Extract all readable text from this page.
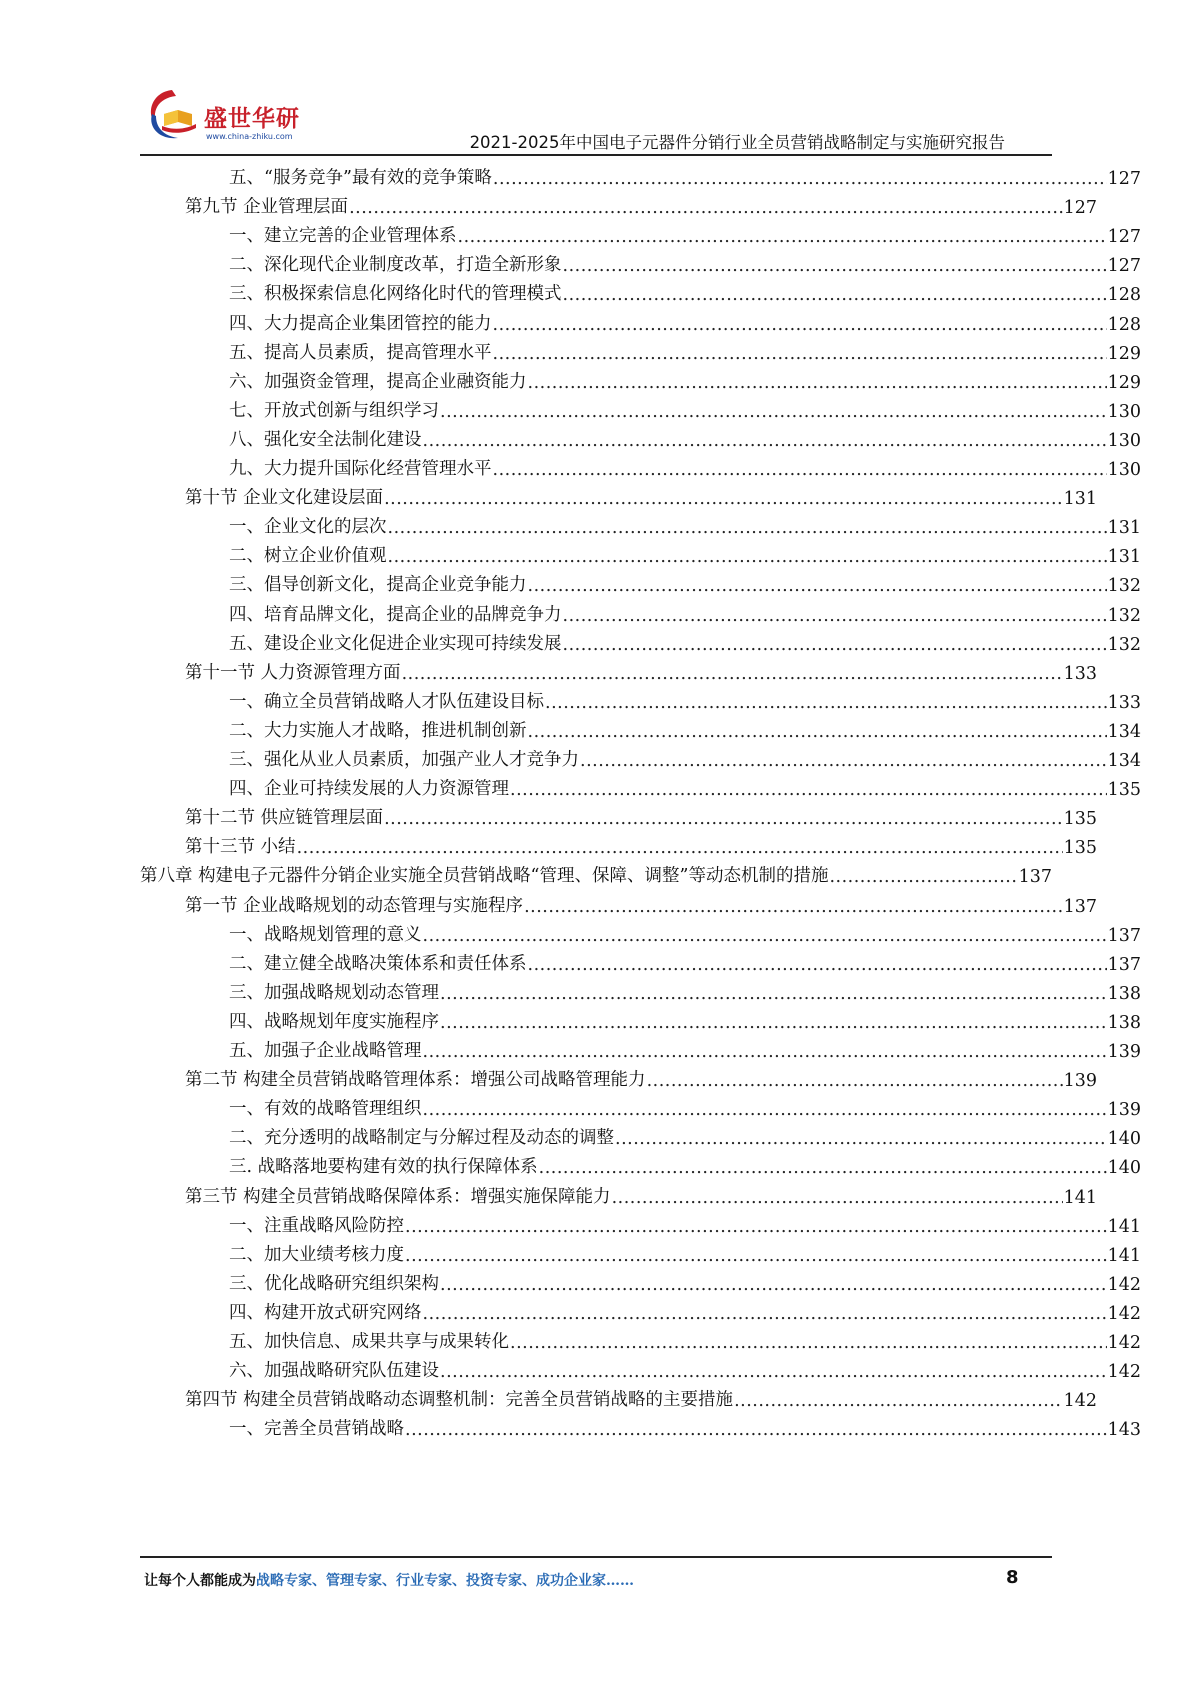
盛世华研
www.china-zhiku.com	2021-2025年中国电子元器件分销行业全员营销战略制定与实施研究报告
五、“服务竞争”最有效的竞争策略 .....	127
第九节 企业管理层面 .....	127
一、建立完善的企业管理体系 .....	127
二、深化现代企业制度改革，打造全新形象 .....	127
三、积极探索信息化网络化时代的管理模式 .....	128
四、大力提高企业集团管控的能力 .....	128
五、提高人员素质，提高管理水平 .....	129
六、加强资金管理，提高企业融资能力 .....	129
七、开放式创新与组织学习 .....	130
八、强化安全法制化建设 .....	130
九、大力提升国际化经营管理水平 .....	130
第十节 企业文化建设层面 .....	131
一、企业文化的层次 .....	131
二、树立企业价值观 .....	131
三、倡导创新文化，提高企业竞争能力 .....	132
四、培育品牌文化，提高企业的品牌竞争力 .....	132
五、建设企业文化促进企业实现可持续发展 .....	132
第十一节 人力资源管理方面 .....	133
一、确立全员营销战略人才队伍建设目标 .....	133
二、大力实施人才战略，推进机制创新 .....	134
三、强化从业人员素质，加强产业人才竞争力 .....	134
四、企业可持续发展的人力资源管理 .....	135
第十二节 供应链管理层面 .....	135
第十三节 小结 .....	135
第八章 构建电子元器件分销企业实施全员营销战略“管理、保障、调整”等动态机制的措施 .....	137
第一节 企业战略规划的动态管理与实施程序 .....	137
一、战略规划管理的意义 .....	137
二、建立健全战略决策体系和责任体系 .....	137
三、加强战略规划动态管理 .....	138
四、战略规划年度实施程序 .....	138
五、加强子企业战略管理 .....	139
第二节 构建全员营销战略管理体系：增强公司战略管理能力 .....	139
一、有效的战略管理组织 .....	139
二、充分透明的战略制定与分解过程及动态的调整 .....	140
三. 战略落地要构建有效的执行保障体系 .....	140
第三节 构建全员营销战略保障体系：增强实施保障能力 .....	141
一、注重战略风险防控 .....	141
二、加大业绩考核力度 .....	141
三、优化战略研究组织架构 .....	142
四、构建开放式研究网络 .....	142
五、加快信息、成果共享与成果转化 .....	142
六、加强战略研究队伍建设 .....	142
第四节 构建全员营销战略动态调整机制：完善全员营销战略的主要措施 .....	142
一、完善全员营销战略 .....	143
让每个人都能成为战略专家、管理专家、行业专家、投资专家、成功企业家……	8
